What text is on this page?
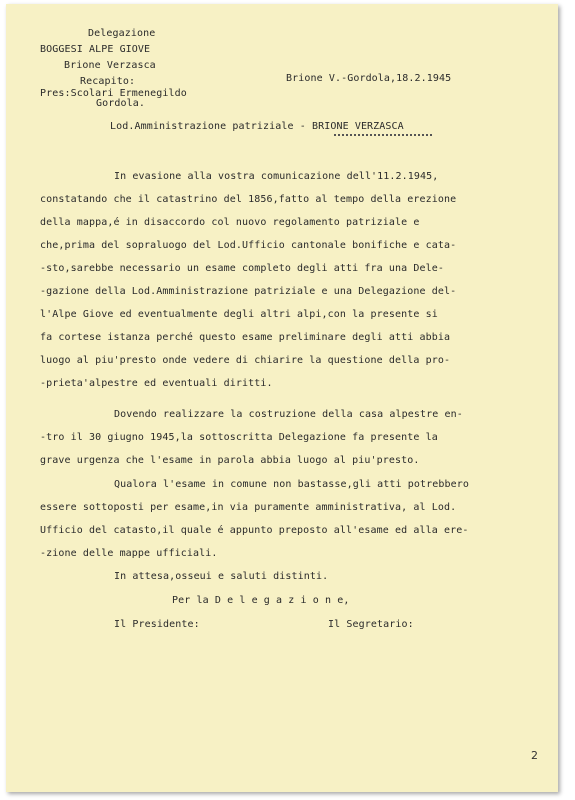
Delegazione
BOGGESI ALPE GIOVE
Brione Verzasca
Recapito:
Pres:Scolari Ermenegildo
Gordola.
Brione V.-Gordola,18.2.1945
Lod.Amministrazione patriziale - BRIONE VERZASCA
In evasione alla vostra comunicazione dell'11.2.1945,
constatando che il catastrino del 1856,fatto al tempo della erezione
della mappa,é in disaccordo col nuovo regolamento patriziale e
che,prima del sopraluogo del Lod.Ufficio cantonale bonifiche e cata-
-sto,sarebbe necessario un esame completo degli atti fra una Dele-
-gazione della Lod.Amministrazione patriziale e una Delegazione del-
l'Alpe Giove ed eventualmente degli altri alpi,con la presente si
fa cortese istanza perché questo esame preliminare degli atti abbia
luogo al piu'presto onde vedere di chiarire la questione della pro-
-prieta'alpestre ed eventuali diritti.
Dovendo realizzare la costruzione della casa alpestre en-
-tro il 30 giugno 1945,la sottoscritta Delegazione fa presente la
grave urgenza che l'esame in parola abbia luogo al piu'presto.
Qualora l'esame in comune non bastasse,gli atti potrebbero
essere sottoposti per esame,in via puramente amministrativa, al Lod.
Ufficio del catasto,il quale é appunto preposto all'esame ed alla ere-
-zione delle mappe ufficiali.
In attesa,osseui e saluti distinti.
Per la D e l e g a z i o n e,
Il Presidente:	Il Segretario:
2
